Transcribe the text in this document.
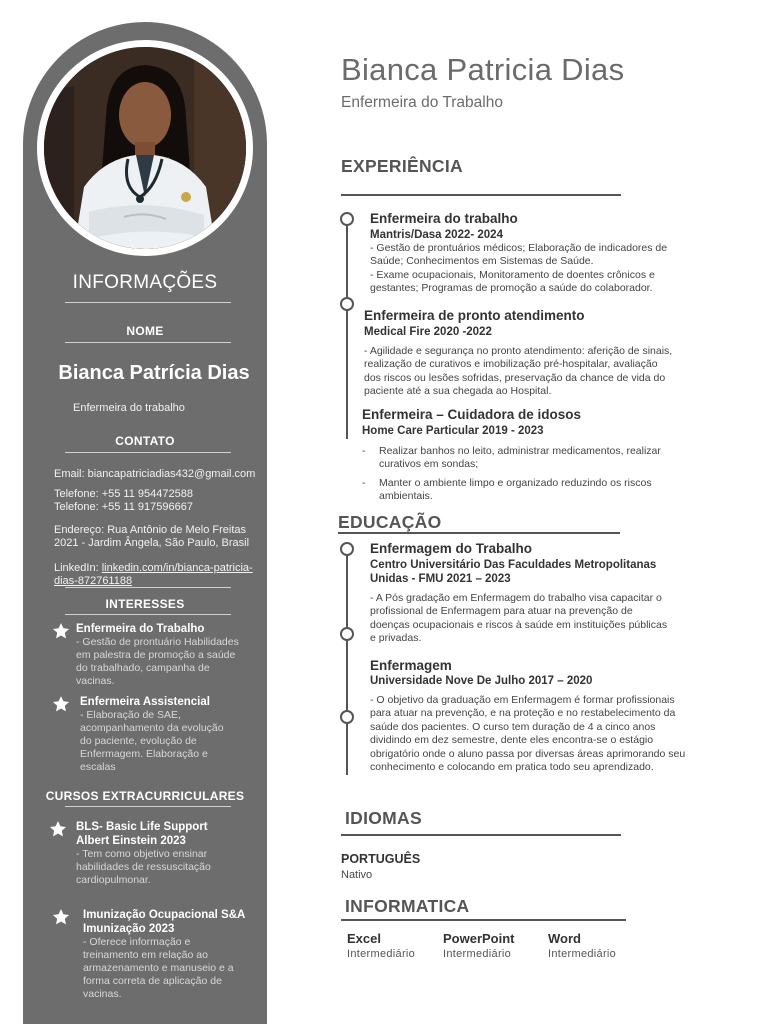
INFORMAÇÕES
NOME
Bianca Patrícia Dias
Enfermeira do trabalho
CONTATO
Email: biancapatriciadias432@gmail.com
Telefone: +55 11 954472588
Telefone: +55 11 917596667
Endereço: Rua Antônio de Melo Freitas
2021 - Jardim Ângela, São Paulo, Brasil
LinkedIn: linkedin.com/in/bianca-patricia-
dias-872761188
INTERESSES
Enfermeira do Trabalho
- Gestão de prontuário Habilidades
em palestra de promoção a saúde
do trabalhado, campanha de
vacinas.
Enfermeira Assistencial
- Elaboração de SAE,
acompanhamento da evolução
do paciente, evolução de
Enfermagem. Elaboração e
escalas
CURSOS EXTRACURRICULARES
BLS- Basic Life Support
Albert Einstein 2023
- Tem como objetivo ensinar
habilidades de ressuscitação
cardiopulmonar.
Imunização Ocupacional S&A
Imunização 2023
- Oferece informação e
treinamento em relação ao
armazenamento e manuseio e a
forma correta de aplicação de
vacinas.
Bianca Patricia Dias
Enfermeira do Trabalho
EXPERIÊNCIA
Enfermeira do trabalho
Mantris/Dasa 2022- 2024
- Gestão de prontuários médicos; Elaboração de indicadores de
Saúde; Conhecimentos em Sistemas de Saúde.
- Exame ocupacionais, Monitoramento de doentes crônicos e
gestantes; Programas de promoção a saúde do colaborador.
Enfermeira de pronto atendimento
Medical Fire 2020 -2022
- Agilidade e segurança no pronto atendimento: aferição de sinais,
realização de curativos e imobilização pré-hospitalar, avaliação
dos riscos ou lesões sofridas, preservação da chance de vida do
paciente até a sua chegada ao Hospital.
Enfermeira – Cuidadora de idosos
Home Care Particular 2019 - 2023
- Realizar banhos no leito, administrar medicamentos, realizar
curativos em sondas;
- Manter o ambiente limpo e organizado reduzindo os riscos
ambientais.
EDUCAÇÃO
Enfermagem do Trabalho
Centro Universitário Das Faculdades Metropolitanas
Unidas - FMU 2021 – 2023
- A Pós gradação em Enfermagem do trabalho visa capacitar o
profissional de Enfermagem para atuar na prevenção de
doenças ocupacionais e riscos à saúde em instituições públicas
e privadas.
Enfermagem
Universidade Nove De Julho 2017 – 2020
- O objetivo da graduação em Enfermagem é formar profissionais
para atuar na prevenção, e na proteção e no restabelecimento da
saúde dos pacientes. O curso tem duração de 4 a cinco anos
dividindo em dez semestre, dente eles encontra-se o estágio
obrigatório onde o aluno passa por diversas áreas aprimorando seu
conhecimento e colocando em pratica todo seu aprendizado.
IDIOMAS
PORTUGUÊS
Nativo
INFORMATICA
Excel
Intermediário
PowerPoint
Intermediário
Word
Intermediário
